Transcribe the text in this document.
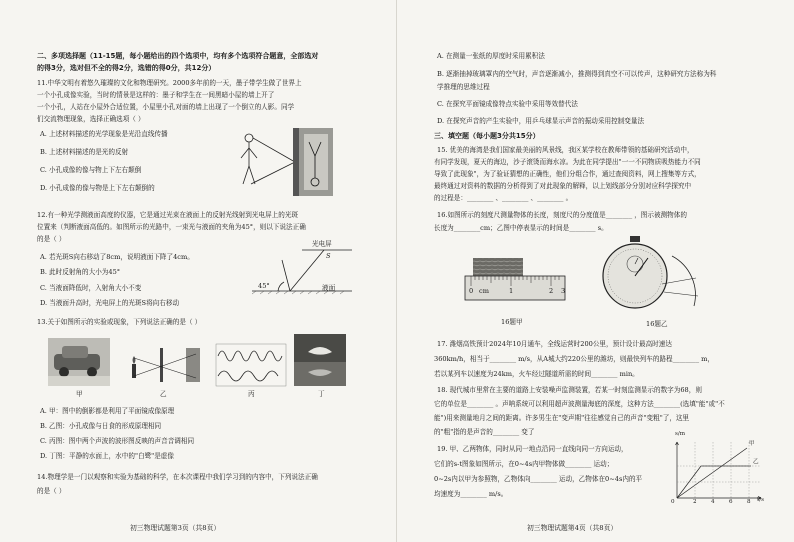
二、多项选择题（11-15题，每小题给出的四个选项中，均有多个选项符合题意，全部选对
的得3分，选对但不全的得2分，选错的得0分，共12分）
11.中华文明有着悠久璀璨的文化和物理研究。2000多年前的一天，墨子带学生做了世界上
一个小孔成像实验，当时的情景是这样的：墨子和学生在一间黑暗小屋的墙上开了
一个小孔，人站在小屋外合适位置，小屋里小孔对面的墙上出现了一个倒立的人影。同学
们交流物理现象，选择正确选项（ ）
A. 上述材料描述的光学现象是光沿直线传播
B. 上述材料描述的是光的反射
C. 小孔成像的像与物上下左右颠倒
D. 小孔成像的像与物是上下左右颠倒的
12.有一种光学测液面高度的仪器，它是通过光束在液面上的反射光线射到光电屏上的光斑
位置来（判断液面高低的。如图所示的光路中，一束光与液面的夹角为45°，则以下说法正确
的是（ ）
A. 若光斑S向右移动了8cm，说明液面下降了4cm。
B. 此时反射角的大小为45°
C. 当液面降低时，入射角大小不变
D. 当液面升高时，光电屏上的光斑S将向右移动
光电屏
S
45°	液面
13.关于如图所示的实验或现象，下列说法正确的是（ ）
甲	乙	丙	丁
A. 甲：图中的倒影都是利用了平面镜成像原理
B. 乙图：小孔成像与日食的形成原理相同
C. 丙图：图中两个声波的波形图反映的声音音调相同
D. 丁图：平静的水面上，水中的"白鹭"是虚像
14.物理学是一门以观察和实验为基础的科学，在本次课程中我们学习到的内容中，下列说法正确
的是（ ）
初三物理试题第3页（共8页）
A. 在测量一张纸的厚度时采用累积法
B. 逐渐抽掉玻璃罩内的空气时，声音逐渐减小，推测得到真空不可以传声，这种研究方法称为科
学推理的思维过程
C. 在探究平面镜成像特点实验中采用等效替代法
D. 在探究声音的产生实验中，用乒乓球显示声音的振动采用控制变量法
三、填空题（每小题3分共15分）
15. 优美的海湾是我们国家最美丽的风景线，我区某学校在教师带领的基础研究活动中，
有同学发现，夏天的海边，沙子滚烫而海水凉。为此在同学提出"一一不同物质吸热能力不同
导致了此现象"，为了验证猜想的正确性，他们分组合作，通过查阅资料，网上搜集等方式，
最终通过对资料的数据的分析得到了对此现象的解释，以上划线部分分别对应科学探究中
的过程是：________ 、________ 、________ 。
16.如图所示的刻度尺测量物体的长度，刻度尺的分度值是________ ，图示被测物体的
长度为________cm；乙图中停表显示的时间是________ s。
0 cm	1	2 3
16题甲	16题乙
17. 潍烟高铁预计2024年10月通车，全线运营时200公里，预计设计最高时速达
360km/h，相当于________ m/s，从A城大约220公里的潍坊，则最快列车的路程________ m，
若以某列车以速度为24km，火车经过隧道所需的时间________ min。
18. 现代城市里常在主要的道路上安装噪声监测装置，若某一时刻监测显示的数字为68，则
它的单位是________ 。声呐系统可以利用超声波测量海底的深度，这种方法________(选填"能"或"不
能")用来测量地月之间的距离。许多男生在"变声期"往往感觉自己的声音"变粗"了，这里
的"粗"指的是声音的________ 变了
19. 甲、乙两物体，同时从同一地点沿同一直线向同一方向运动，
它们的s-t图象如图所示，在0~4s内甲物体做________ 运动；
0~2s内以甲为参照物，乙物体向________ 运动，乙物体在0~4s内的平
均速度为________ m/s。
s/m
甲
乙
t/s
0	2	4	6	8
初三物理试题第4页（共8页）
